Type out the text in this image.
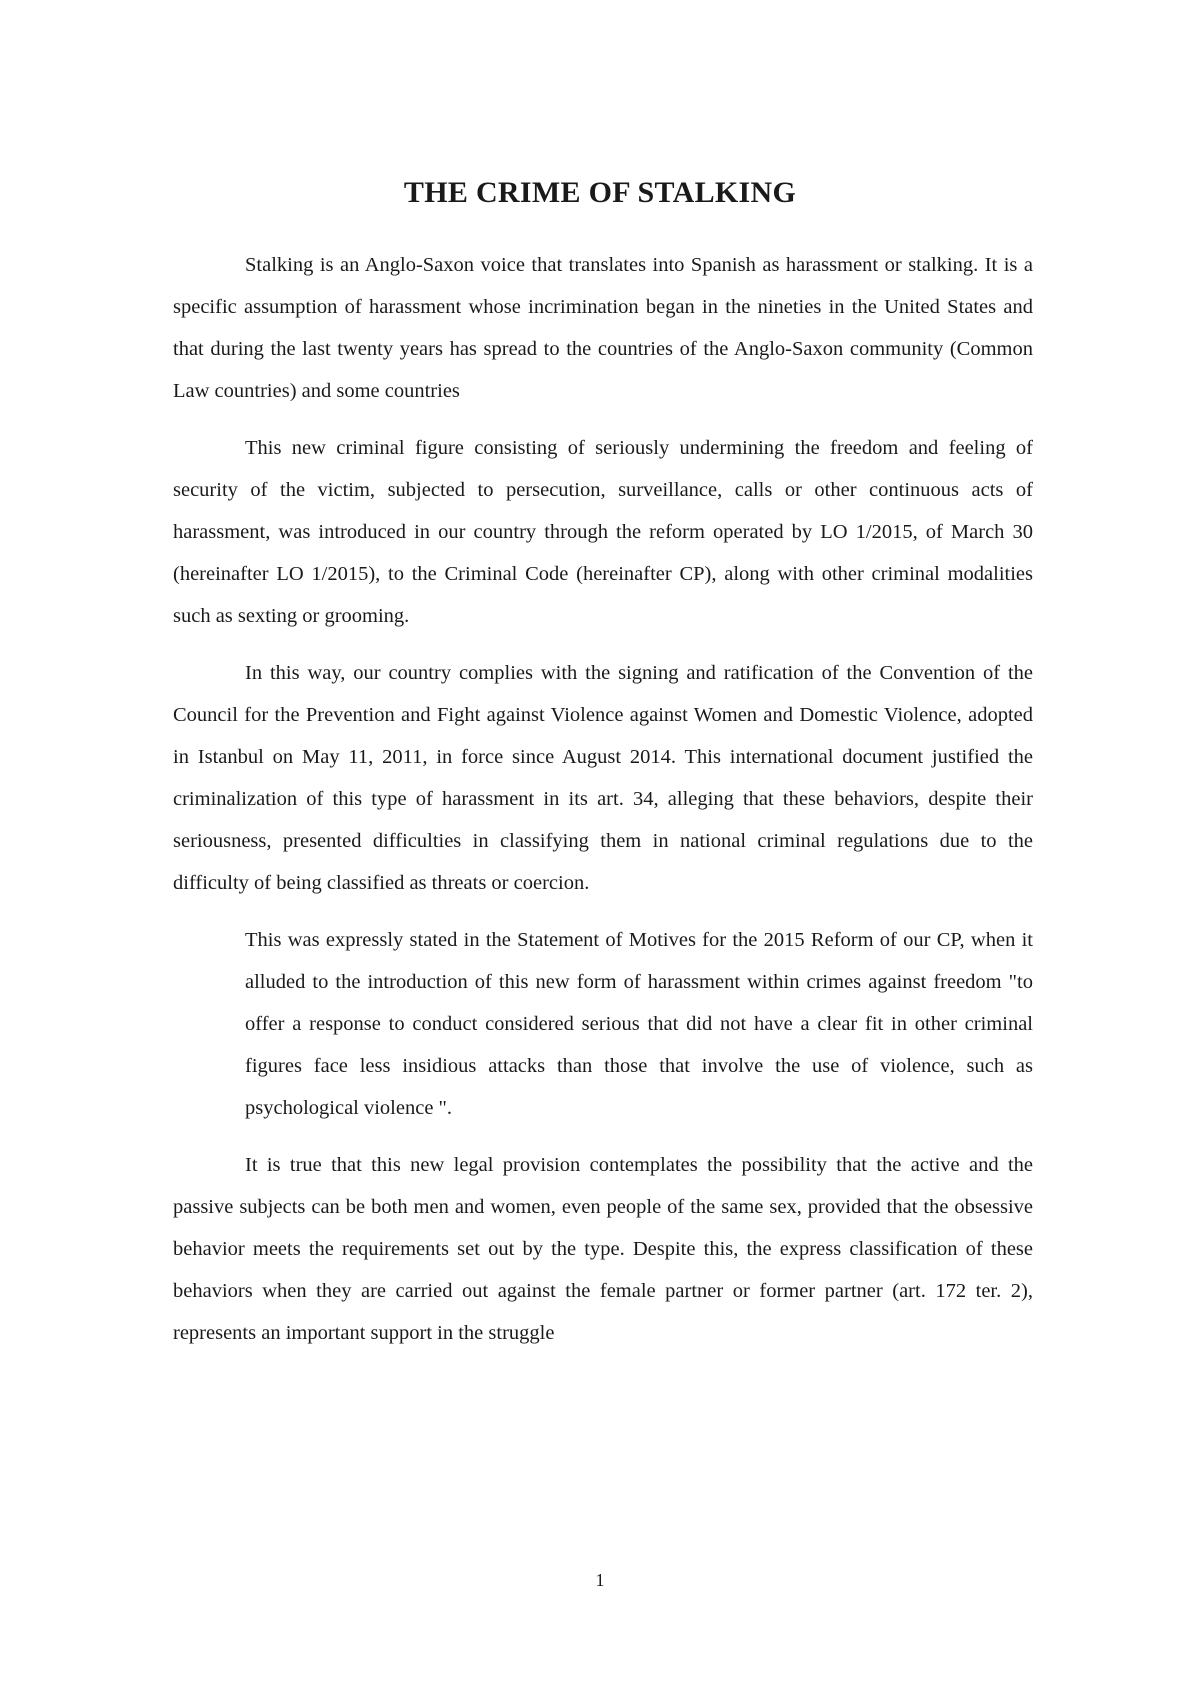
THE CRIME OF STALKING

Stalking is an Anglo-Saxon voice that translates into Spanish as harassment or stalking. It is a specific assumption of harassment whose incrimination began in the nineties in the United States and that during the last twenty years has spread to the countries of the Anglo-Saxon community (Common Law countries) and some countries

This new criminal figure consisting of seriously undermining the freedom and feeling of security of the victim, subjected to persecution, surveillance, calls or other continuous acts of harassment, was introduced in our country through the reform operated by LO 1/2015, of March 30 (hereinafter LO 1/2015), to the Criminal Code (hereinafter CP), along with other criminal modalities such as sexting or grooming.

In this way, our country complies with the signing and ratification of the Convention of the Council for the Prevention and Fight against Violence against Women and Domestic Violence, adopted in Istanbul on May 11, 2011, in force since August 2014. This international document justified the criminalization of this type of harassment in its art. 34, alleging that these behaviors, despite their seriousness, presented difficulties in classifying them in national criminal regulations due to the difficulty of being classified as threats or coercion.

This was expressly stated in the Statement of Motives for the 2015 Reform of our CP, when it alluded to the introduction of this new form of harassment within crimes against freedom "to offer a response to conduct considered serious that did not have a clear fit in other criminal figures face less insidious attacks than those that involve the use of violence, such as psychological violence ".

It is true that this new legal provision contemplates the possibility that the active and the passive subjects can be both men and women, even people of the same sex, provided that the obsessive behavior meets the requirements set out by the type. Despite this, the express classification of these behaviors when they are carried out against the female partner or former partner (art. 172 ter. 2), represents an important support in the struggle

1
